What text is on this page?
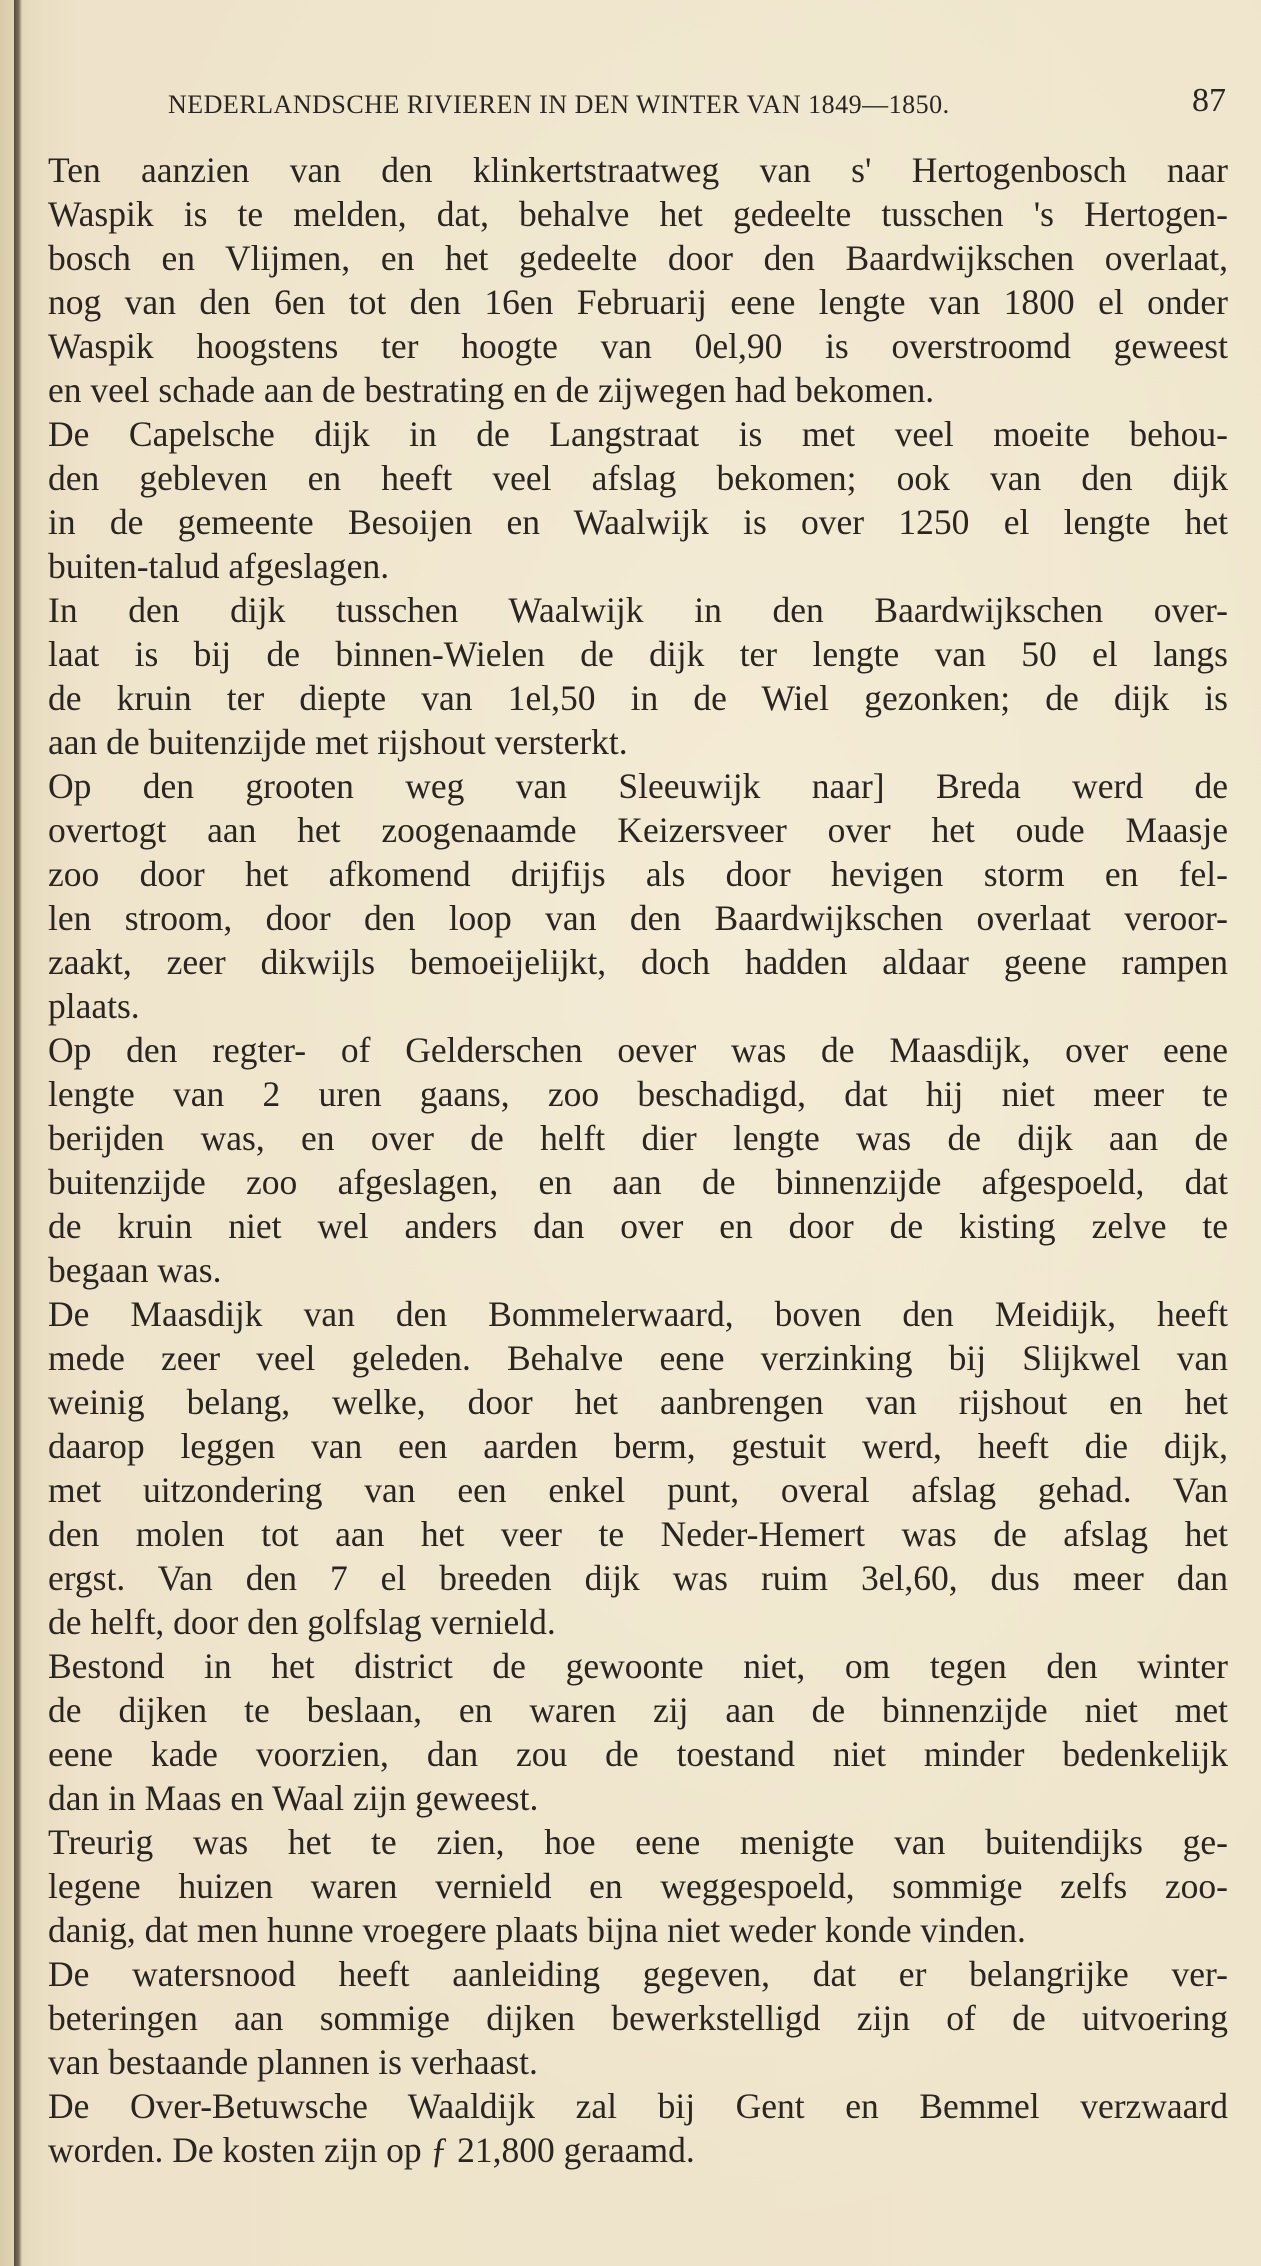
NEDERLANDSCHE RIVIEREN IN DEN WINTER VAN 1849—1850.	87
Ten aanzien van den klinkertstraatweg van s' Hertogenbosch naar
Waspik is te melden, dat, behalve het gedeelte tusschen 's Hertogen-
bosch en Vlijmen, en het gedeelte door den Baardwijkschen overlaat,
nog van den 6en tot den 16en Februarij eene lengte van 1800 el onder
Waspik hoogstens ter hoogte van 0el,90 is overstroomd geweest
en veel schade aan de bestrating en de zijwegen had bekomen.
De Capelsche dijk in de Langstraat is met veel moeite behou-
den gebleven en heeft veel afslag bekomen; ook van den dijk
in de gemeente Besoijen en Waalwijk is over 1250 el lengte het
buiten-talud afgeslagen.
In den dijk tusschen Waalwijk in den Baardwijkschen over-
laat is bij de binnen-Wielen de dijk ter lengte van 50 el langs
de kruin ter diepte van 1el,50 in de Wiel gezonken; de dijk is
aan de buitenzijde met rijshout versterkt.
Op den grooten weg van Sleeuwijk naar] Breda werd de
overtogt aan het zoogenaamde Keizersveer over het oude Maasje
zoo door het afkomend drijfijs als door hevigen storm en fel-
len stroom, door den loop van den Baardwijkschen overlaat veroor-
zaakt, zeer dikwijls bemoeijelijkt, doch hadden aldaar geene rampen
plaats.
Op den regter- of Gelderschen oever was de Maasdijk, over eene
lengte van 2 uren gaans, zoo beschadigd, dat hij niet meer te
berijden was, en over de helft dier lengte was de dijk aan de
buitenzijde zoo afgeslagen, en aan de binnenzijde afgespoeld, dat
de kruin niet wel anders dan over en door de kisting zelve te
begaan was.
De Maasdijk van den Bommelerwaard, boven den Meidijk, heeft
mede zeer veel geleden. Behalve eene verzinking bij Slijkwel van
weinig belang, welke, door het aanbrengen van rijshout en het
daarop leggen van een aarden berm, gestuit werd, heeft die dijk,
met uitzondering van een enkel punt, overal afslag gehad. Van
den molen tot aan het veer te Neder-Hemert was de afslag het
ergst. Van den 7 el breeden dijk was ruim 3el,60, dus meer dan
de helft, door den golfslag vernield.
Bestond in het district de gewoonte niet, om tegen den winter
de dijken te beslaan, en waren zij aan de binnenzijde niet met
eene kade voorzien, dan zou de toestand niet minder bedenkelijk
dan in Maas en Waal zijn geweest.
Treurig was het te zien, hoe eene menigte van buitendijks ge-
legene huizen waren vernield en weggespoeld, sommige zelfs zoo-
danig, dat men hunne vroegere plaats bijna niet weder konde vinden.
De watersnood heeft aanleiding gegeven, dat er belangrijke ver-
beteringen aan sommige dijken bewerkstelligd zijn of de uitvoering
van bestaande plannen is verhaast.
De Over-Betuwsche Waaldijk zal bij Gent en Bemmel verzwaard
worden. De kosten zijn op ƒ 21,800 geraamd.
